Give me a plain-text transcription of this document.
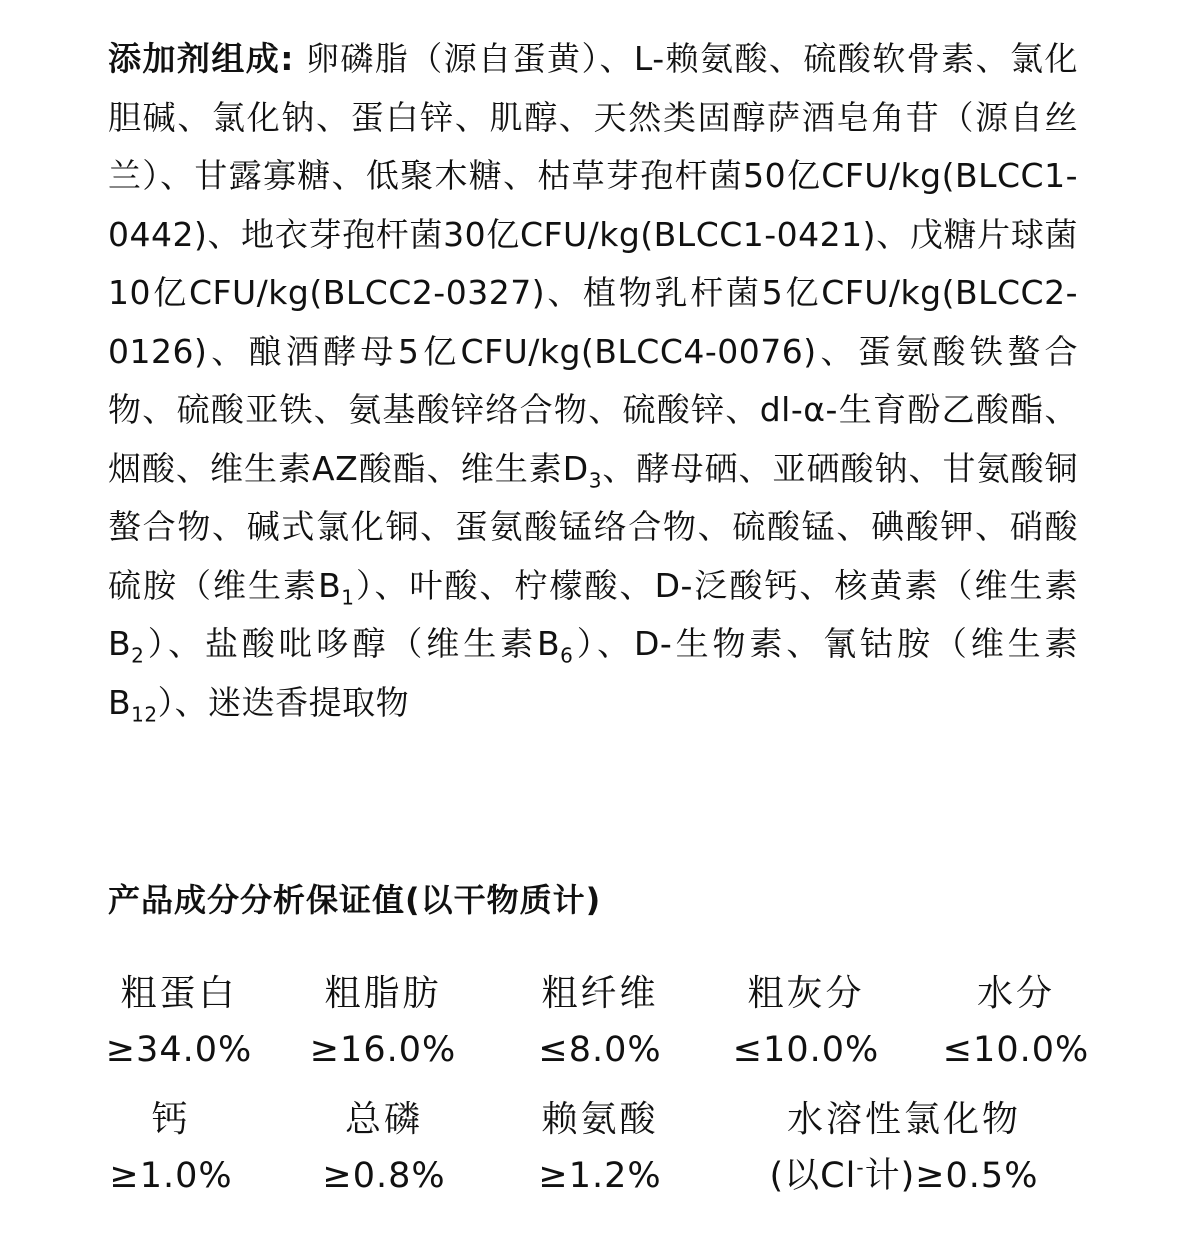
添加剂组成: 卵磷脂（源自蛋黄）、L-赖氨酸、硫酸软骨素、氯化胆碱、氯化钠、蛋白锌、肌醇、天然类固醇萨酒皂角苷（源自丝兰）、甘露寡糖、低聚木糖、枯草芽孢杆菌50亿CFU/kg(BLCC1-0442)、地衣芽孢杆菌30亿CFU/kg(BLCC1-0421)、戊糖片球菌10亿CFU/kg(BLCC2-0327)、植物乳杆菌5亿CFU/kg(BLCC2-0126)、酿酒酵母5亿CFU/kg(BLCC4-0076)、蛋氨酸铁螯合物、硫酸亚铁、氨基酸锌络合物、硫酸锌、dl-α-生育酚乙酸酯、烟酸、维生素AZ酸酯、维生素$D_3$、酵母硒、亚硒酸钠、甘氨酸铜螯合物、碱式氯化铜、蛋氨酸锰络合物、硫酸锰、碘酸钾、硝酸硫胺（维生素$B_1$）、叶酸、柠檬酸、D-泛酸钙、核黄素（维生素$B_2$）、盐酸吡哆醇（维生素$B_6$）、D-生物素、氰钴胺（维生素$B_{12}$）、迷迭香提取物
产品成分分析保证值(以干物质计)
粗蛋白
≥34.0%
粗脂肪
≥16.0%
粗纤维
≤8.0%
粗灰分
≤10.0%
水分
≤10.0%
钙
≥1.0%
总磷
≥0.8%
赖氨酸
≥1.2%
水溶性氯化物
(以Cl-计)≥0.5%
